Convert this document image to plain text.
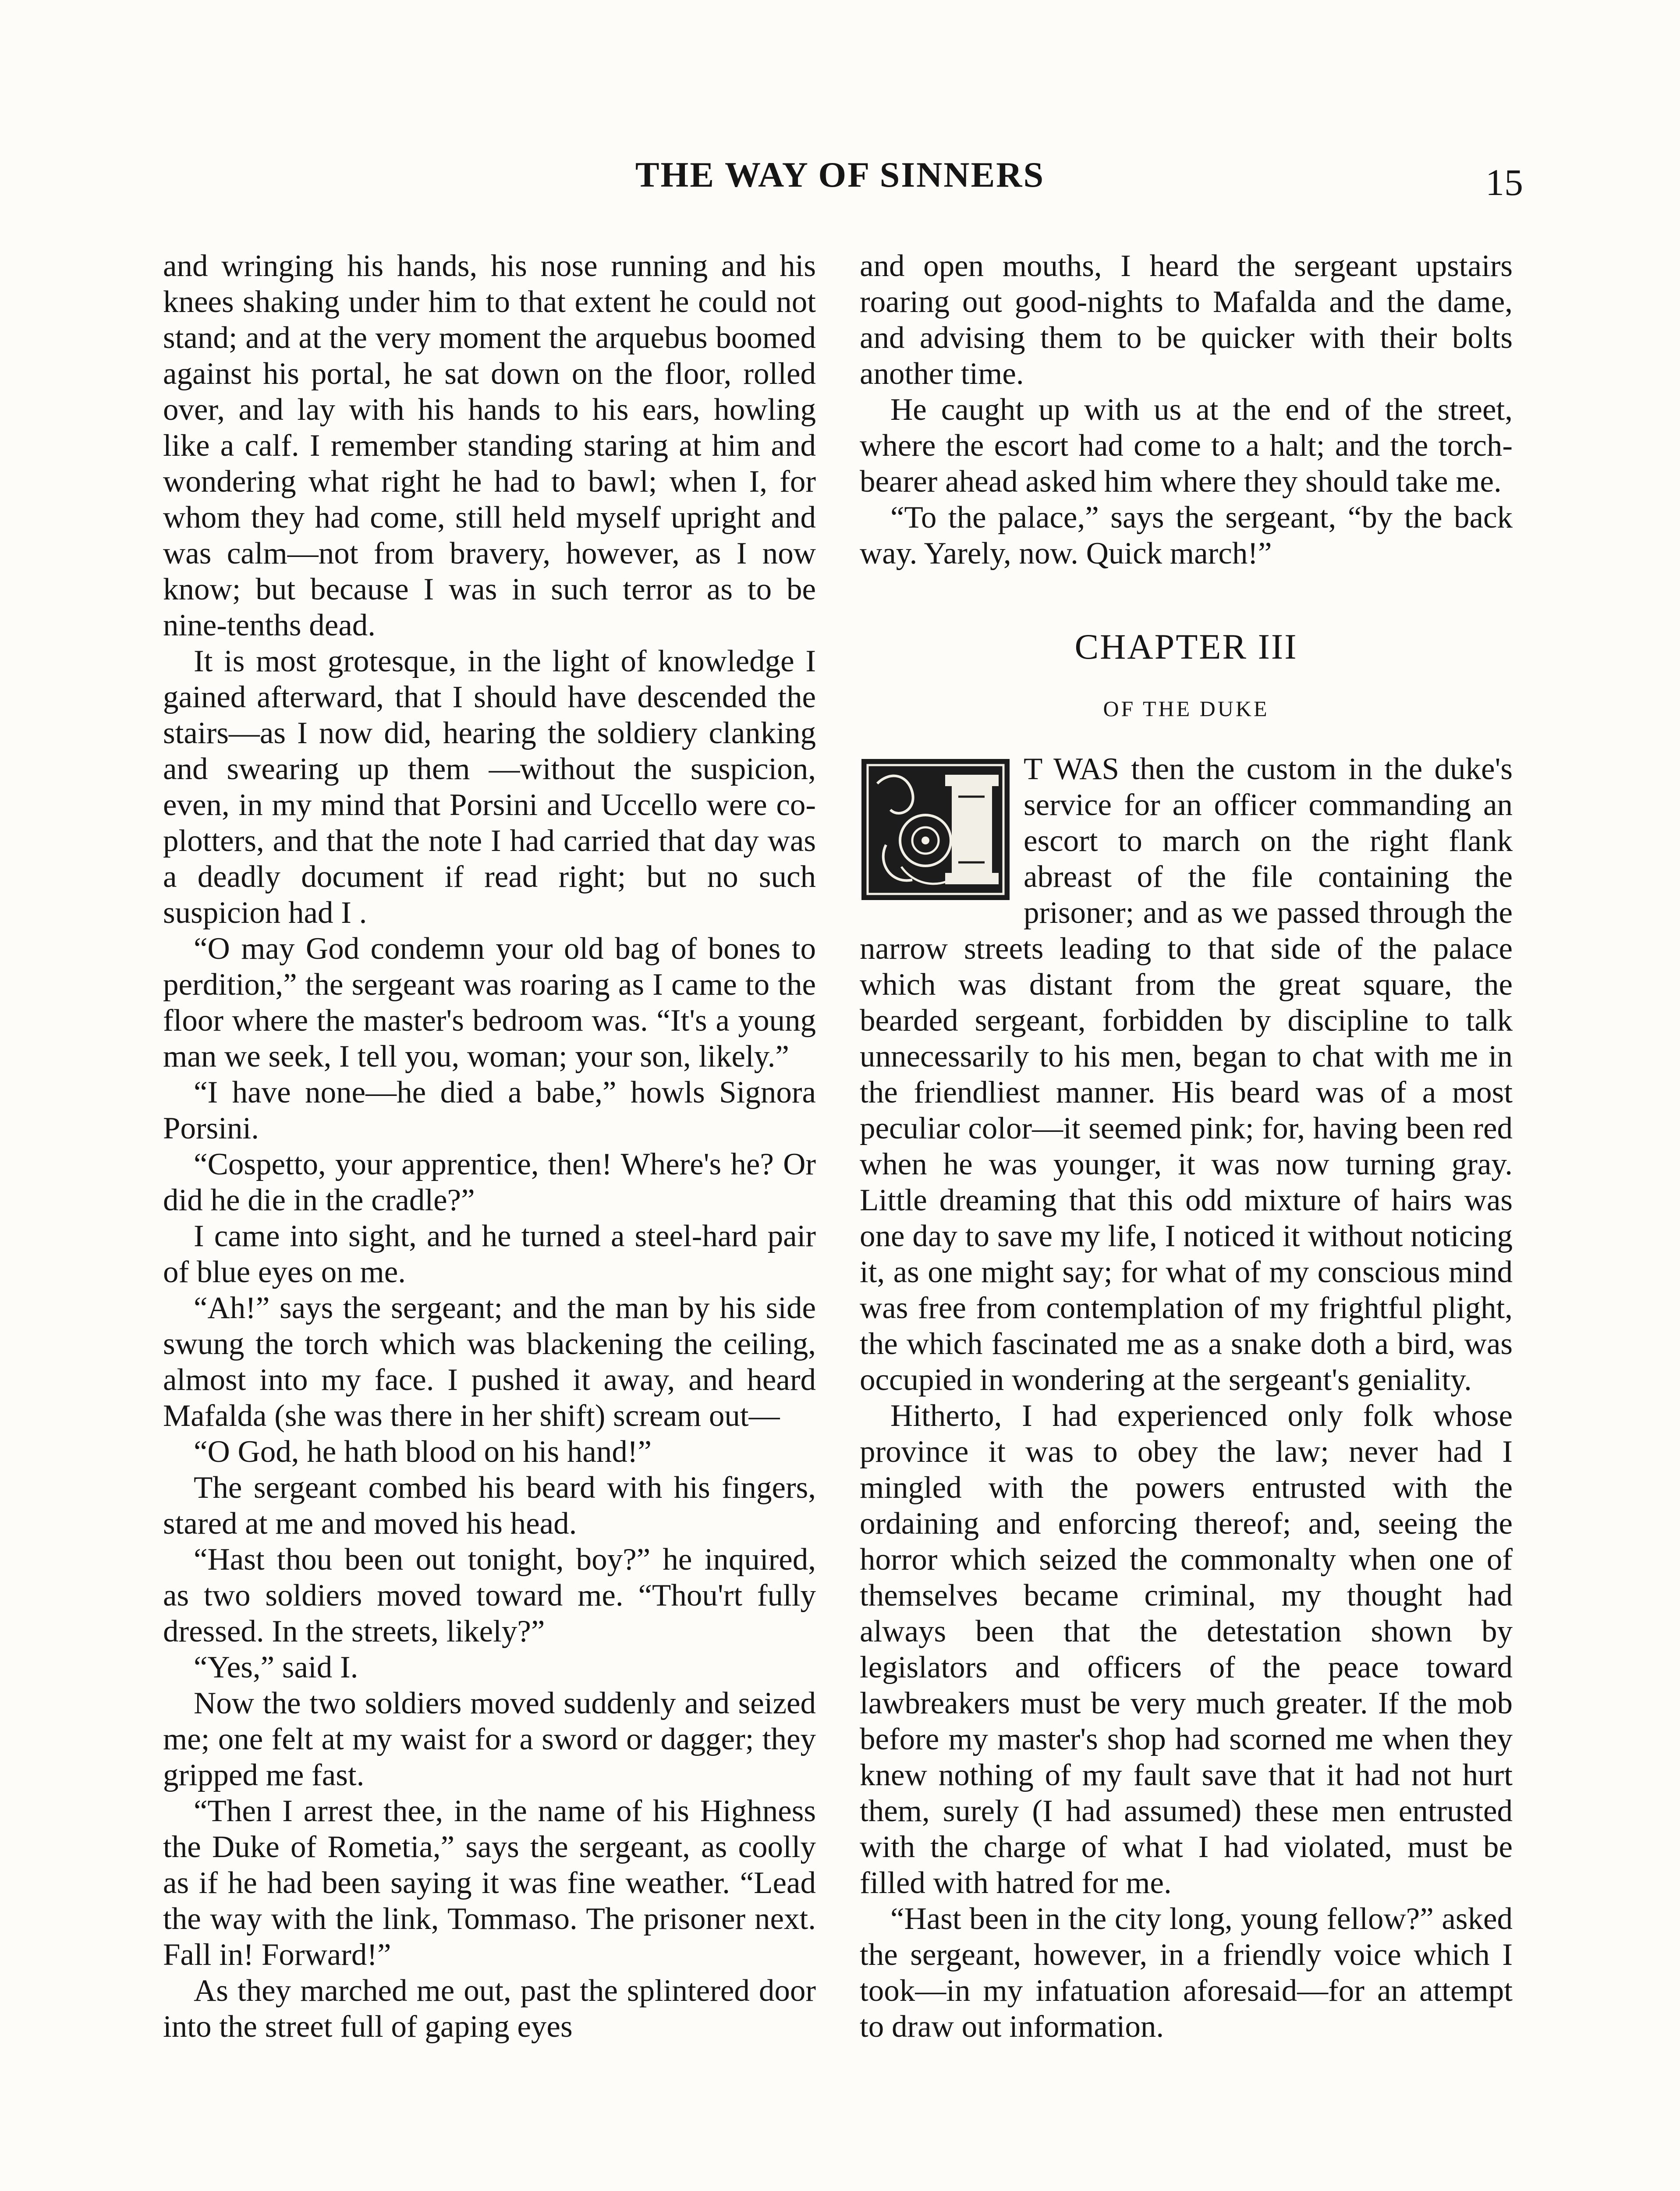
THE WAY OF SINNERS	15

and wringing his hands, his nose running and his knees shaking under him to that extent he could not stand; and at the very moment the arquebus boomed against his portal, he sat down on the floor, rolled over, and lay with his hands to his ears, howling like a calf. I remember standing staring at him and wondering what right he had to bawl; when I, for whom they had come, still held myself upright and was calm—not from bravery, however, as I now know; but because I was in such terror as to be nine-tenths dead.

It is most grotesque, in the light of knowledge I gained afterward, that I should have descended the stairs—as I now did, hearing the soldiery clanking and swearing up them —without the suspicion, even, in my mind that Porsini and Uccello were co-plotters, and that the note I had carried that day was a deadly document if read right; but no such suspicion had I .

“O may God condemn your old bag of bones to perdition,” the sergeant was roaring as I came to the floor where the master's bedroom was. “It's a young man we seek, I tell you, woman; your son, likely.”

“I have none—he died a babe,” howls Signora Porsini.

“Cospetto, your apprentice, then! Where's he? Or did he die in the cradle?”

I came into sight, and he turned a steel-hard pair of blue eyes on me.

“Ah!” says the sergeant; and the man by his side swung the torch which was blackening the ceiling, almost into my face. I pushed it away, and heard Mafalda (she was there in her shift) scream out—

“O God, he hath blood on his hand!”

The sergeant combed his beard with his fingers, stared at me and moved his head.

“Hast thou been out tonight, boy?” he inquired, as two soldiers moved toward me. “Thou'rt fully dressed. In the streets, likely?”

“Yes,” said I.

Now the two soldiers moved suddenly and seized me; one felt at my waist for a sword or dagger; they gripped me fast.

“Then I arrest thee, in the name of his Highness the Duke of Rometia,” says the sergeant, as coolly as if he had been saying it was fine weather. “Lead the way with the link, Tommaso. The prisoner next. Fall in! Forward!”

As they marched me out, past the splintered door into the street full of gaping eyes

and open mouths, I heard the sergeant upstairs roaring out good-nights to Mafalda and the dame, and advising them to be quicker with their bolts another time.

He caught up with us at the end of the street, where the escort had come to a halt; and the torch-bearer ahead asked him where they should take me.

“To the palace,” says the sergeant, “by the back way. Yarely, now. Quick march!”

CHAPTER III
OF THE DUKE

T WAS then the custom in the duke's service for an officer commanding an escort to march on the right flank abreast of the file containing the prisoner; and as we passed through the narrow streets leading to that side of the palace which was distant from the great square, the bearded sergeant, forbidden by discipline to talk unnecessarily to his men, began to chat with me in the friendliest manner. His beard was of a most peculiar color—it seemed pink; for, having been red when he was younger, it was now turning gray. Little dreaming that this odd mixture of hairs was one day to save my life, I noticed it without noticing it, as one might say; for what of my conscious mind was free from contemplation of my frightful plight, the which fascinated me as a snake doth a bird, was occupied in wondering at the sergeant's geniality.

Hitherto, I had experienced only folk whose province it was to obey the law; never had I mingled with the powers entrusted with the ordaining and enforcing thereof; and, seeing the horror which seized the commonalty when one of themselves became criminal, my thought had always been that the detestation shown by legislators and officers of the peace toward lawbreakers must be very much greater. If the mob before my master's shop had scorned me when they knew nothing of my fault save that it had not hurt them, surely (I had assumed) these men entrusted with the charge of what I had violated, must be filled with hatred for me.

“Hast been in the city long, young fellow?” asked the sergeant, however, in a friendly voice which I took—in my infatuation aforesaid—for an attempt to draw out information.
